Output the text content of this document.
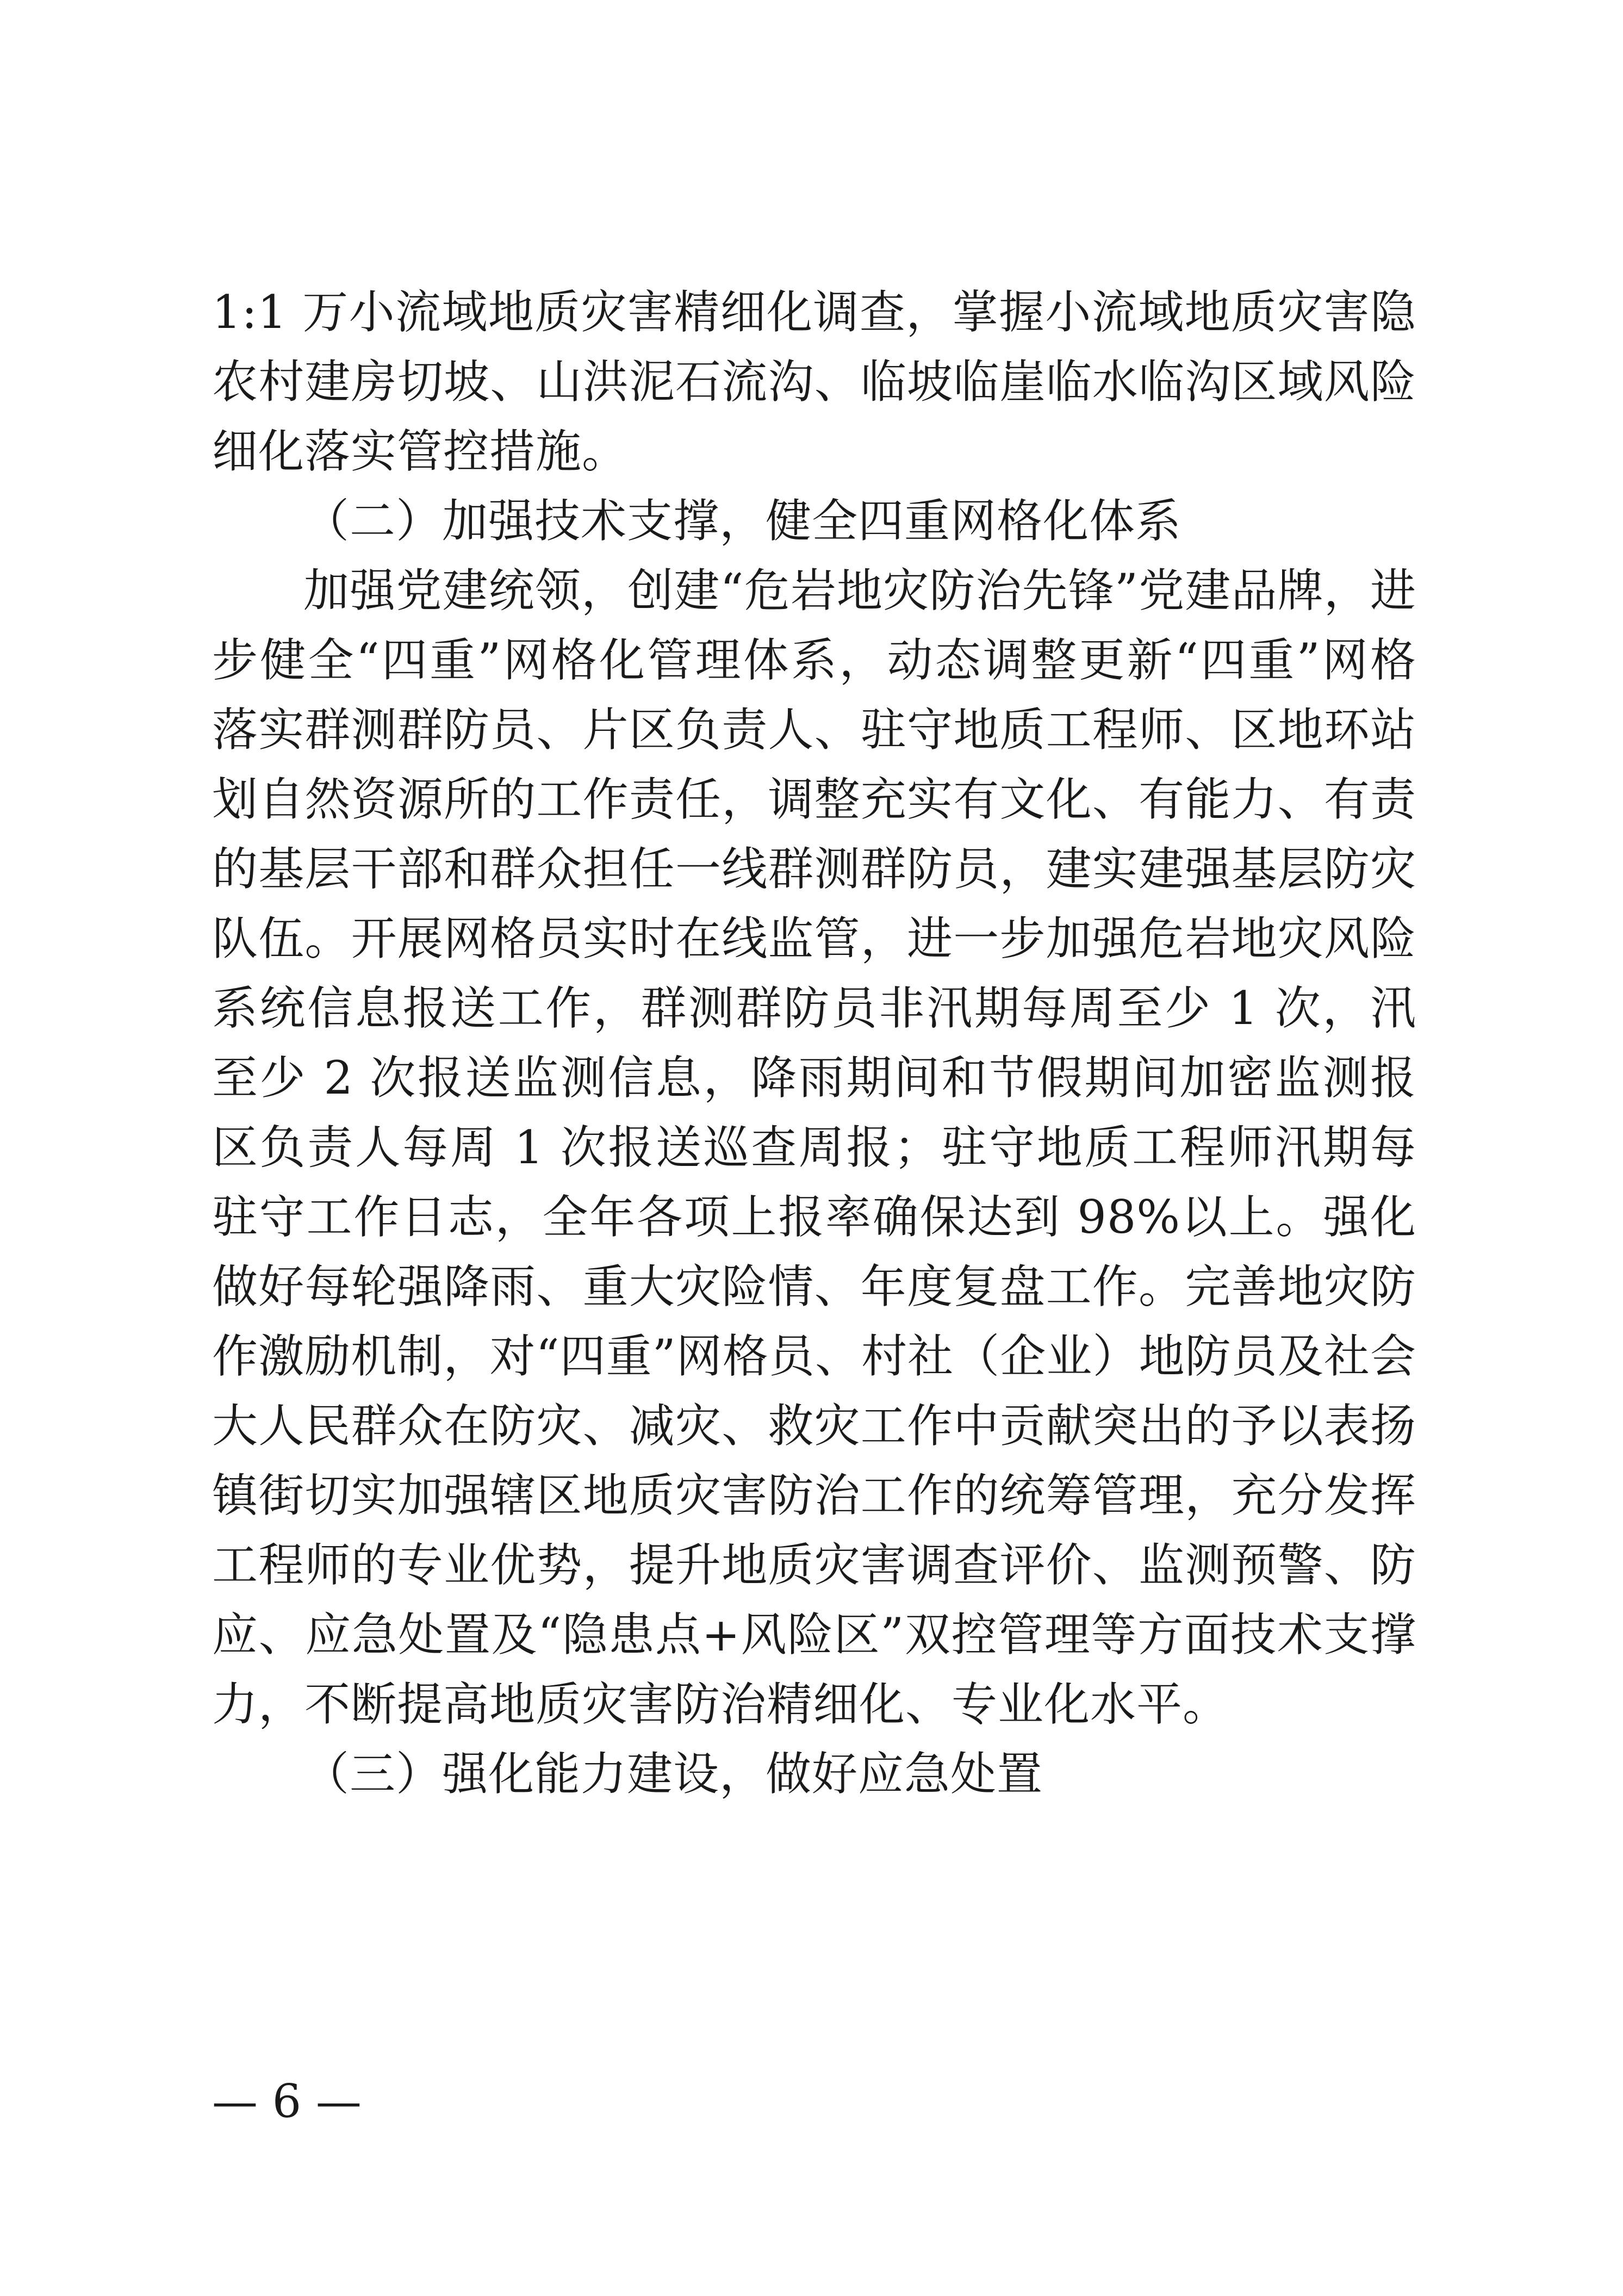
1:1 万小流域地质灾害精细化调查，掌握小流域地质灾害隐
农村建房切坡、山洪泥石流沟、临坡临崖临水临沟区域风险
细化落实管控措施。
（二）加强技术支撑，健全四重网格化体系
加强党建统领，创建“危岩地灾防治先锋”党建品牌，进
步健全“四重”网格化管理体系，动态调整更新“四重”网格
落实群测群防员、片区负责人、驻守地质工程师、区地环站
划自然资源所的工作责任，调整充实有文化、有能力、有责
的基层干部和群众担任一线群测群防员，建实建强基层防灾
队伍。开展网格员实时在线监管，进一步加强危岩地灾风险
系统信息报送工作，群测群防员非汛期每周至少 1 次，汛
至少 2 次报送监测信息，降雨期间和节假期间加密监测报
区负责人每周 1 次报送巡查周报；驻守地质工程师汛期每
驻守工作日志，全年各项上报率确保达到 98%以上。强化
做好每轮强降雨、重大灾险情、年度复盘工作。完善地灾防
作激励机制，对“四重”网格员、村社（企业）地防员及社会
大人民群众在防灾、减灾、救灾工作中贡献突出的予以表扬
镇街切实加强辖区地质灾害防治工作的统筹管理，充分发挥
工程师的专业优势，提升地质灾害调查评价、监测预警、防
应、应急处置及“隐患点+风险区”双控管理等方面技术支撑
力，不断提高地质灾害防治精细化、专业化水平。
（三）强化能力建设，做好应急处置
— 6 —
